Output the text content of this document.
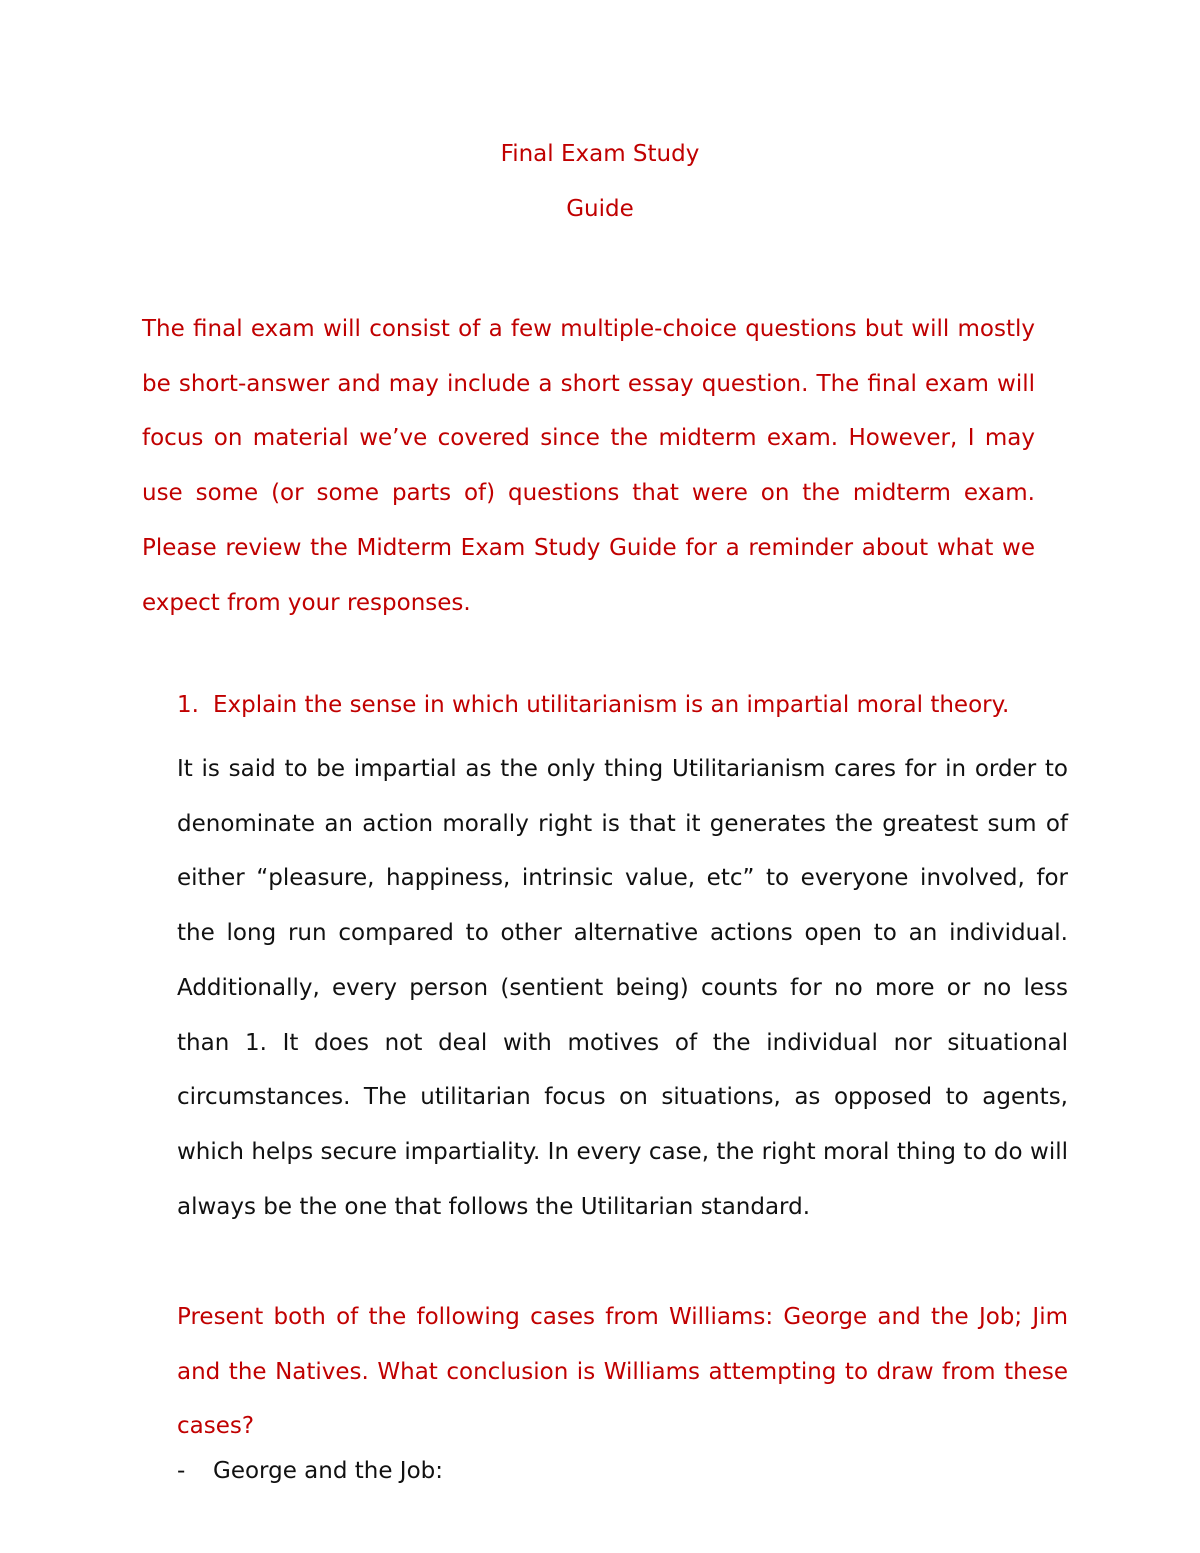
Final Exam Study
Guide
The final exam will consist of a few multiple-choice questions but will mostly be short-answer and may include a short essay question. The final exam will focus on material we’ve covered since the midterm exam. However, I may use some (or some parts of) questions that were on the midterm exam. Please review the Midterm Exam Study Guide for a reminder about what we expect from your responses.
1. Explain the sense in which utilitarianism is an impartial moral theory.
It is said to be impartial as the only thing Utilitarianism cares for in order to denominate an action morally right is that it generates the greatest sum of either “pleasure, happiness, intrinsic value, etc” to everyone involved, for the long run compared to other alternative actions open to an individual. Additionally, every person (sentient being) counts for no more or no less than 1. It does not deal with motives of the individual nor situational circumstances. The utilitarian focus on situations, as opposed to agents, which helps secure impartiality. In every case, the right moral thing to do will always be the one that follows the Utilitarian standard.
Present both of the following cases from Williams: George and the Job; Jim and the Natives. What conclusion is Williams attempting to draw from these cases?
- George and the Job:
